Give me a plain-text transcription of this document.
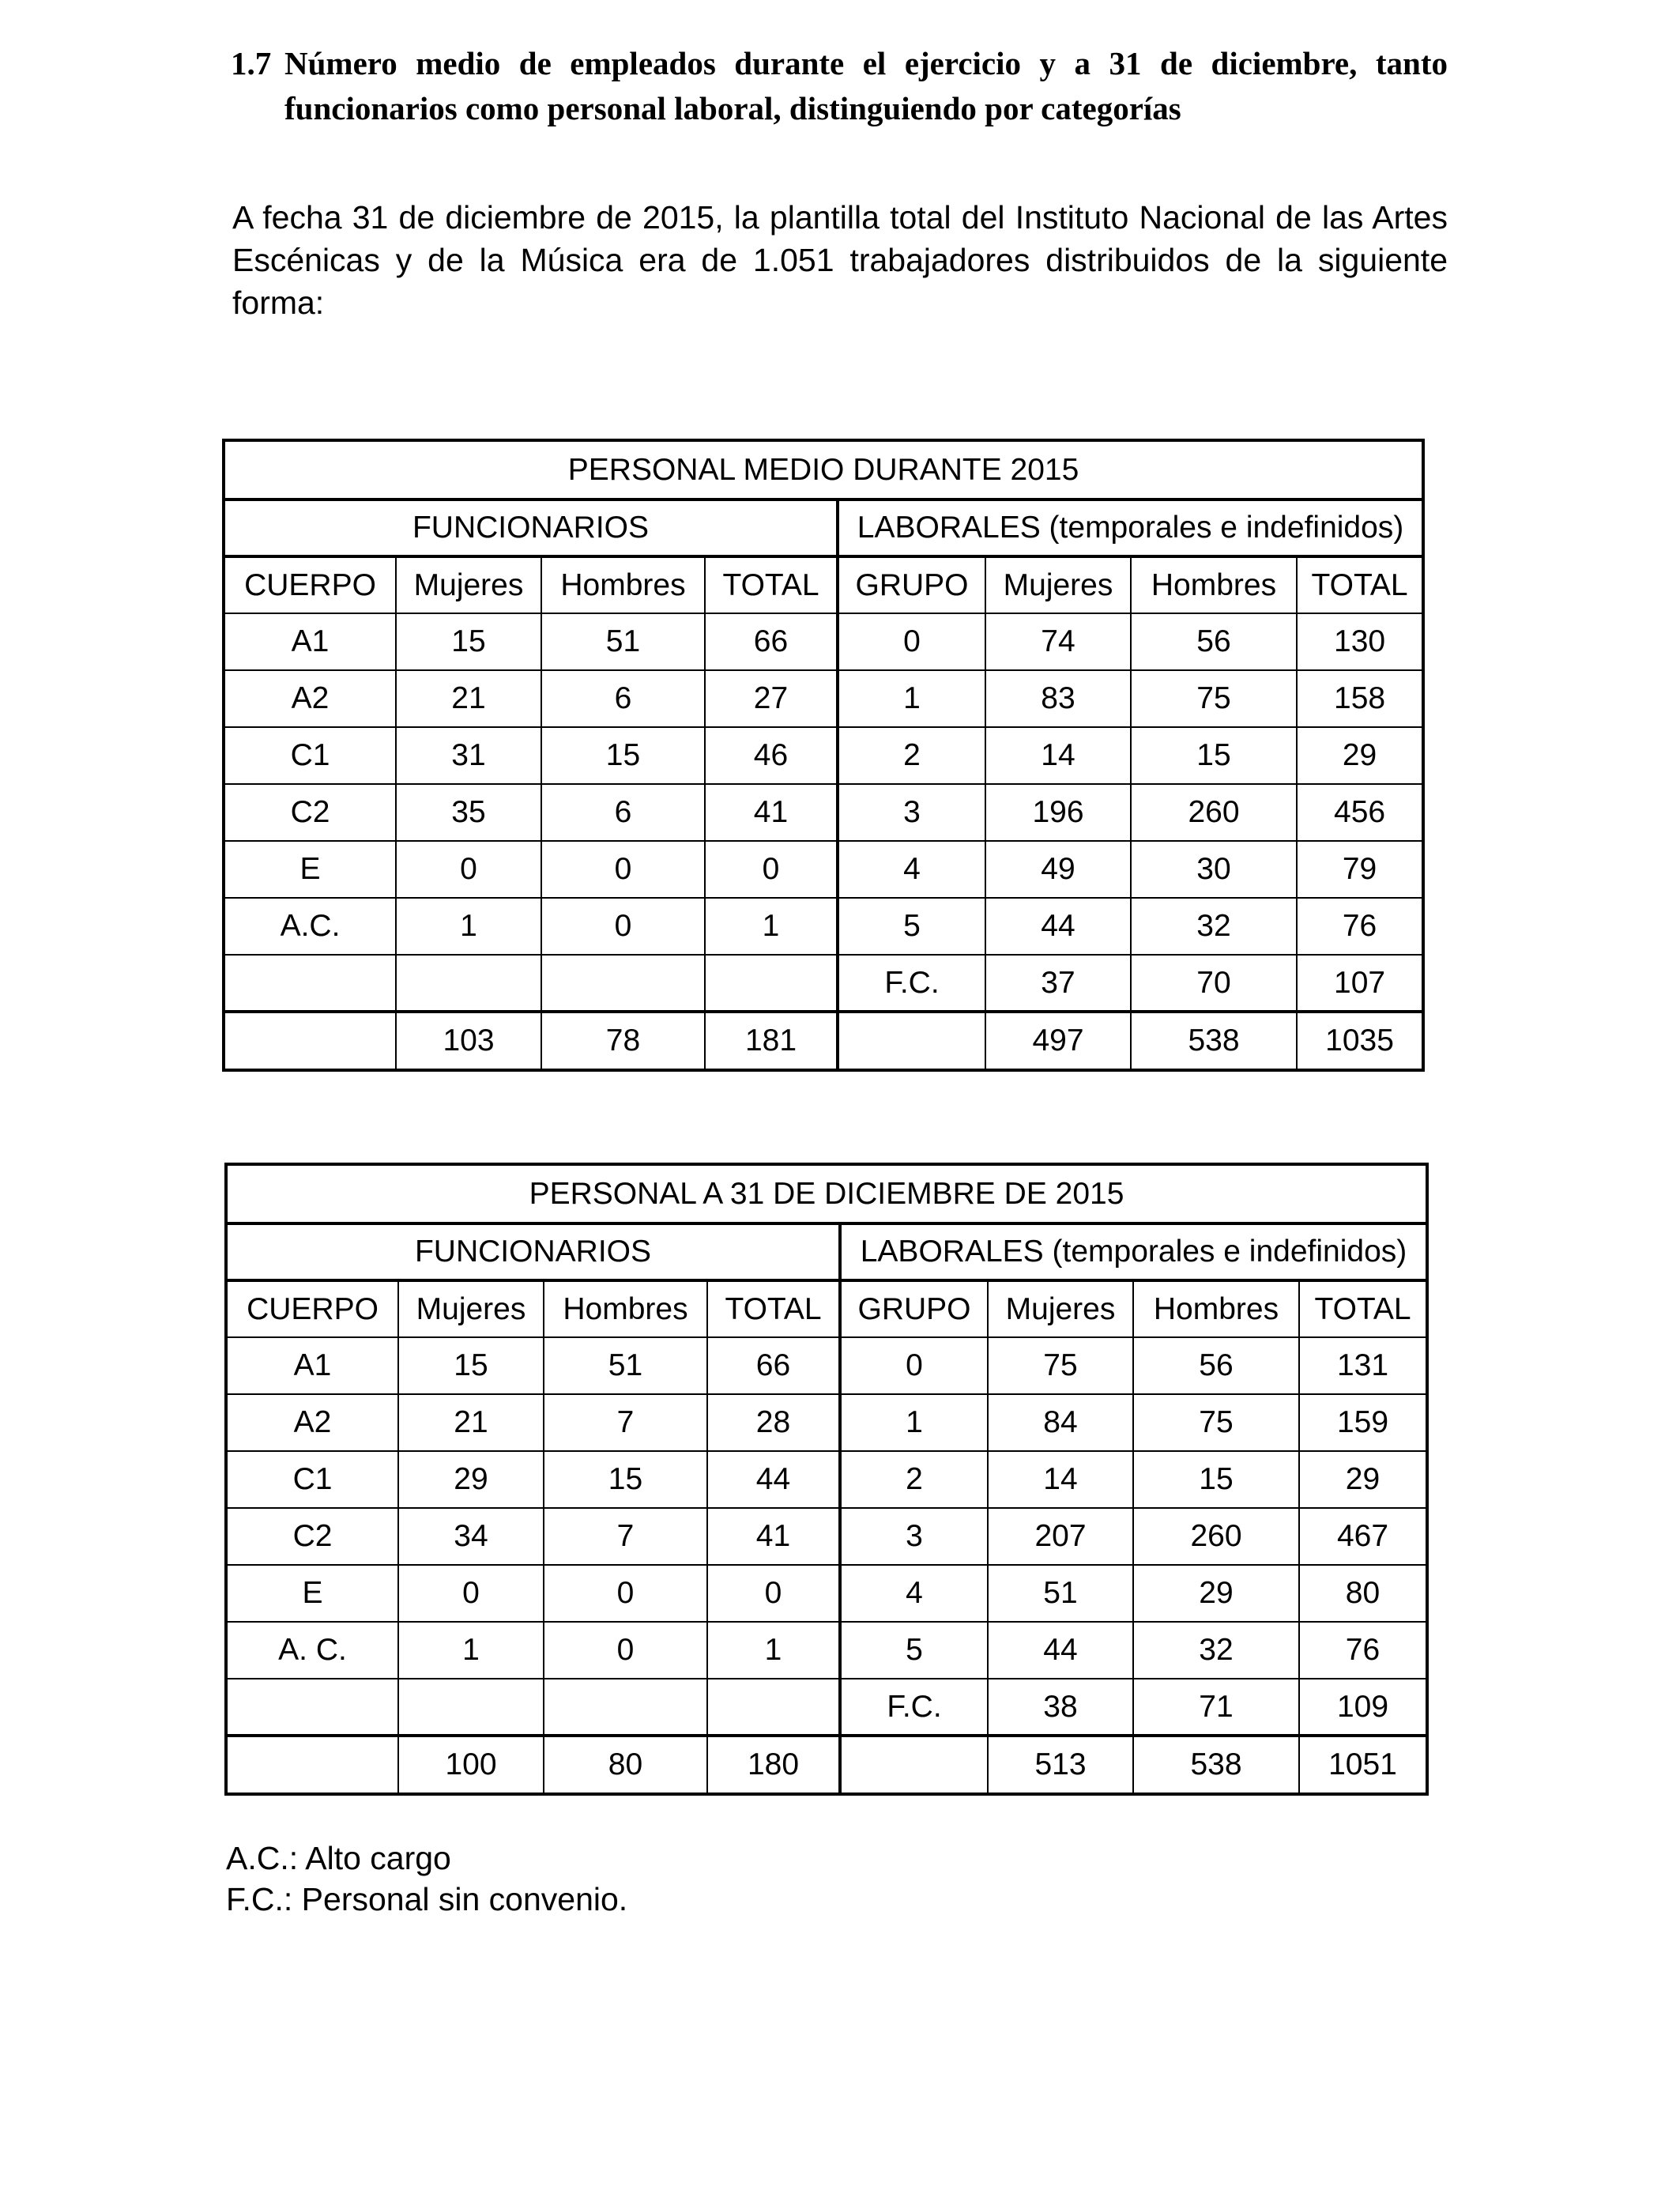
1.7 Número medio de empleados durante el ejercicio y a 31 de diciembre, tanto
funcionarios como personal laboral, distinguiendo por categorías

A fecha 31 de diciembre de 2015, la plantilla total del Instituto Nacional de las Artes Escénicas y de la Música era de 1.051 trabajadores distribuidos de la siguiente forma:

PERSONAL MEDIO DURANTE 2015							
FUNCIONARIOS				LABORALES (temporales e indefinidos)			
CUERPO	Mujeres	Hombres	TOTAL	GRUPO	Mujeres	Hombres	TOTAL
A1	15	51	66	0	74	56	130
A2	21	6	27	1	83	75	158
C1	31	15	46	2	14	15	29
C2	35	6	41	3	196	260	456
E	0	0	0	4	49	30	79
A.C.	1	0	1	5	44	32	76
				F.C.	37	70	107
	103	78	181		497	538	1035
PERSONAL A 31 DE DICIEMBRE DE 2015							
FUNCIONARIOS				LABORALES (temporales e indefinidos)			
CUERPO	Mujeres	Hombres	TOTAL	GRUPO	Mujeres	Hombres	TOTAL
A1	15	51	66	0	75	56	131
A2	21	7	28	1	84	75	159
C1	29	15	44	2	14	15	29
C2	34	7	41	3	207	260	467
E	0	0	0	4	51	29	80
A. C.	1	0	1	5	44	32	76
				F.C.	38	71	109
	100	80	180		513	538	1051
A.C.: Alto cargo
F.C.: Personal sin convenio.
